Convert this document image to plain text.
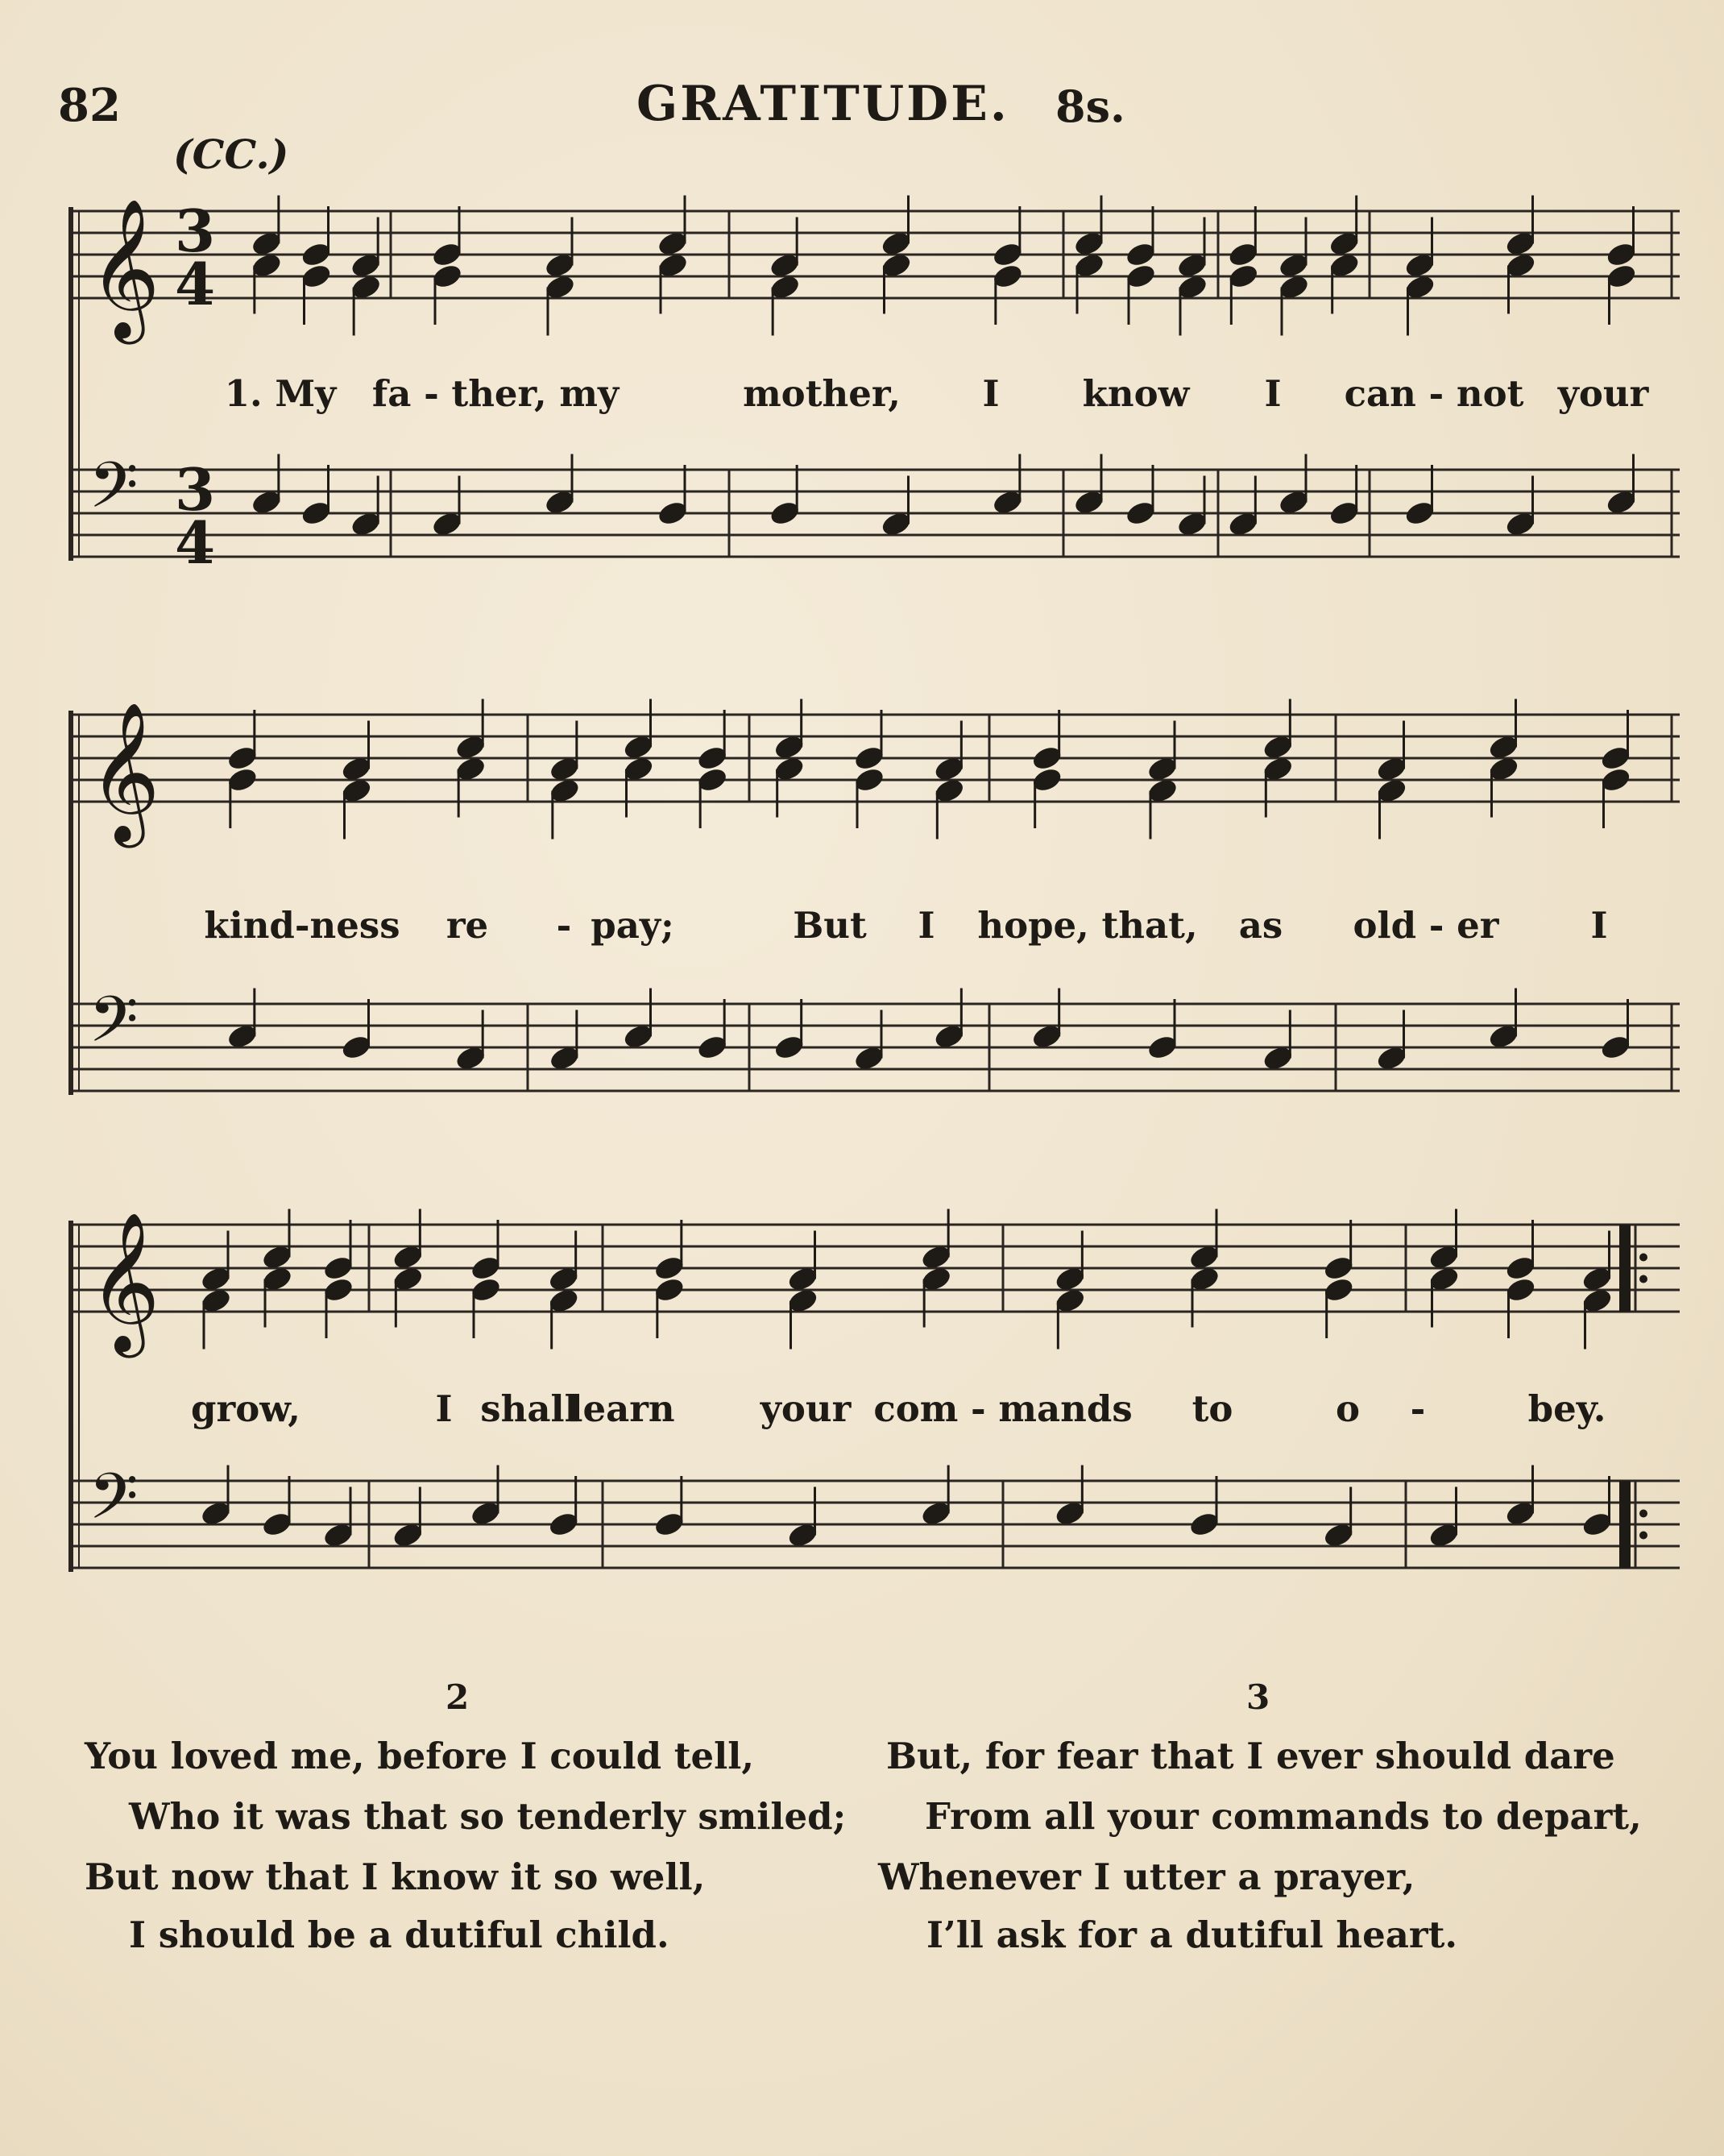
82	GRATITUDE. 8s.
(CC.)
𝄞
𝄢
3
4
3
4
𝄞
𝄢
𝄞
𝄢
1. My fa - ther, my	mother, I know I can - not your
kind-ness re - pay;	But I hope, that, as old - er	I
grow,	I shall
learn your com - mands to	o -	bey.
2
You loved me, before I could tell,
Who it was that so tenderly smiled;
But now that I know it so well,
I should be a dutiful child.
3
But, for fear that I ever should dare
From all your commands to depart,
Whenever I utter a prayer,
I’ll ask for a dutiful heart.
